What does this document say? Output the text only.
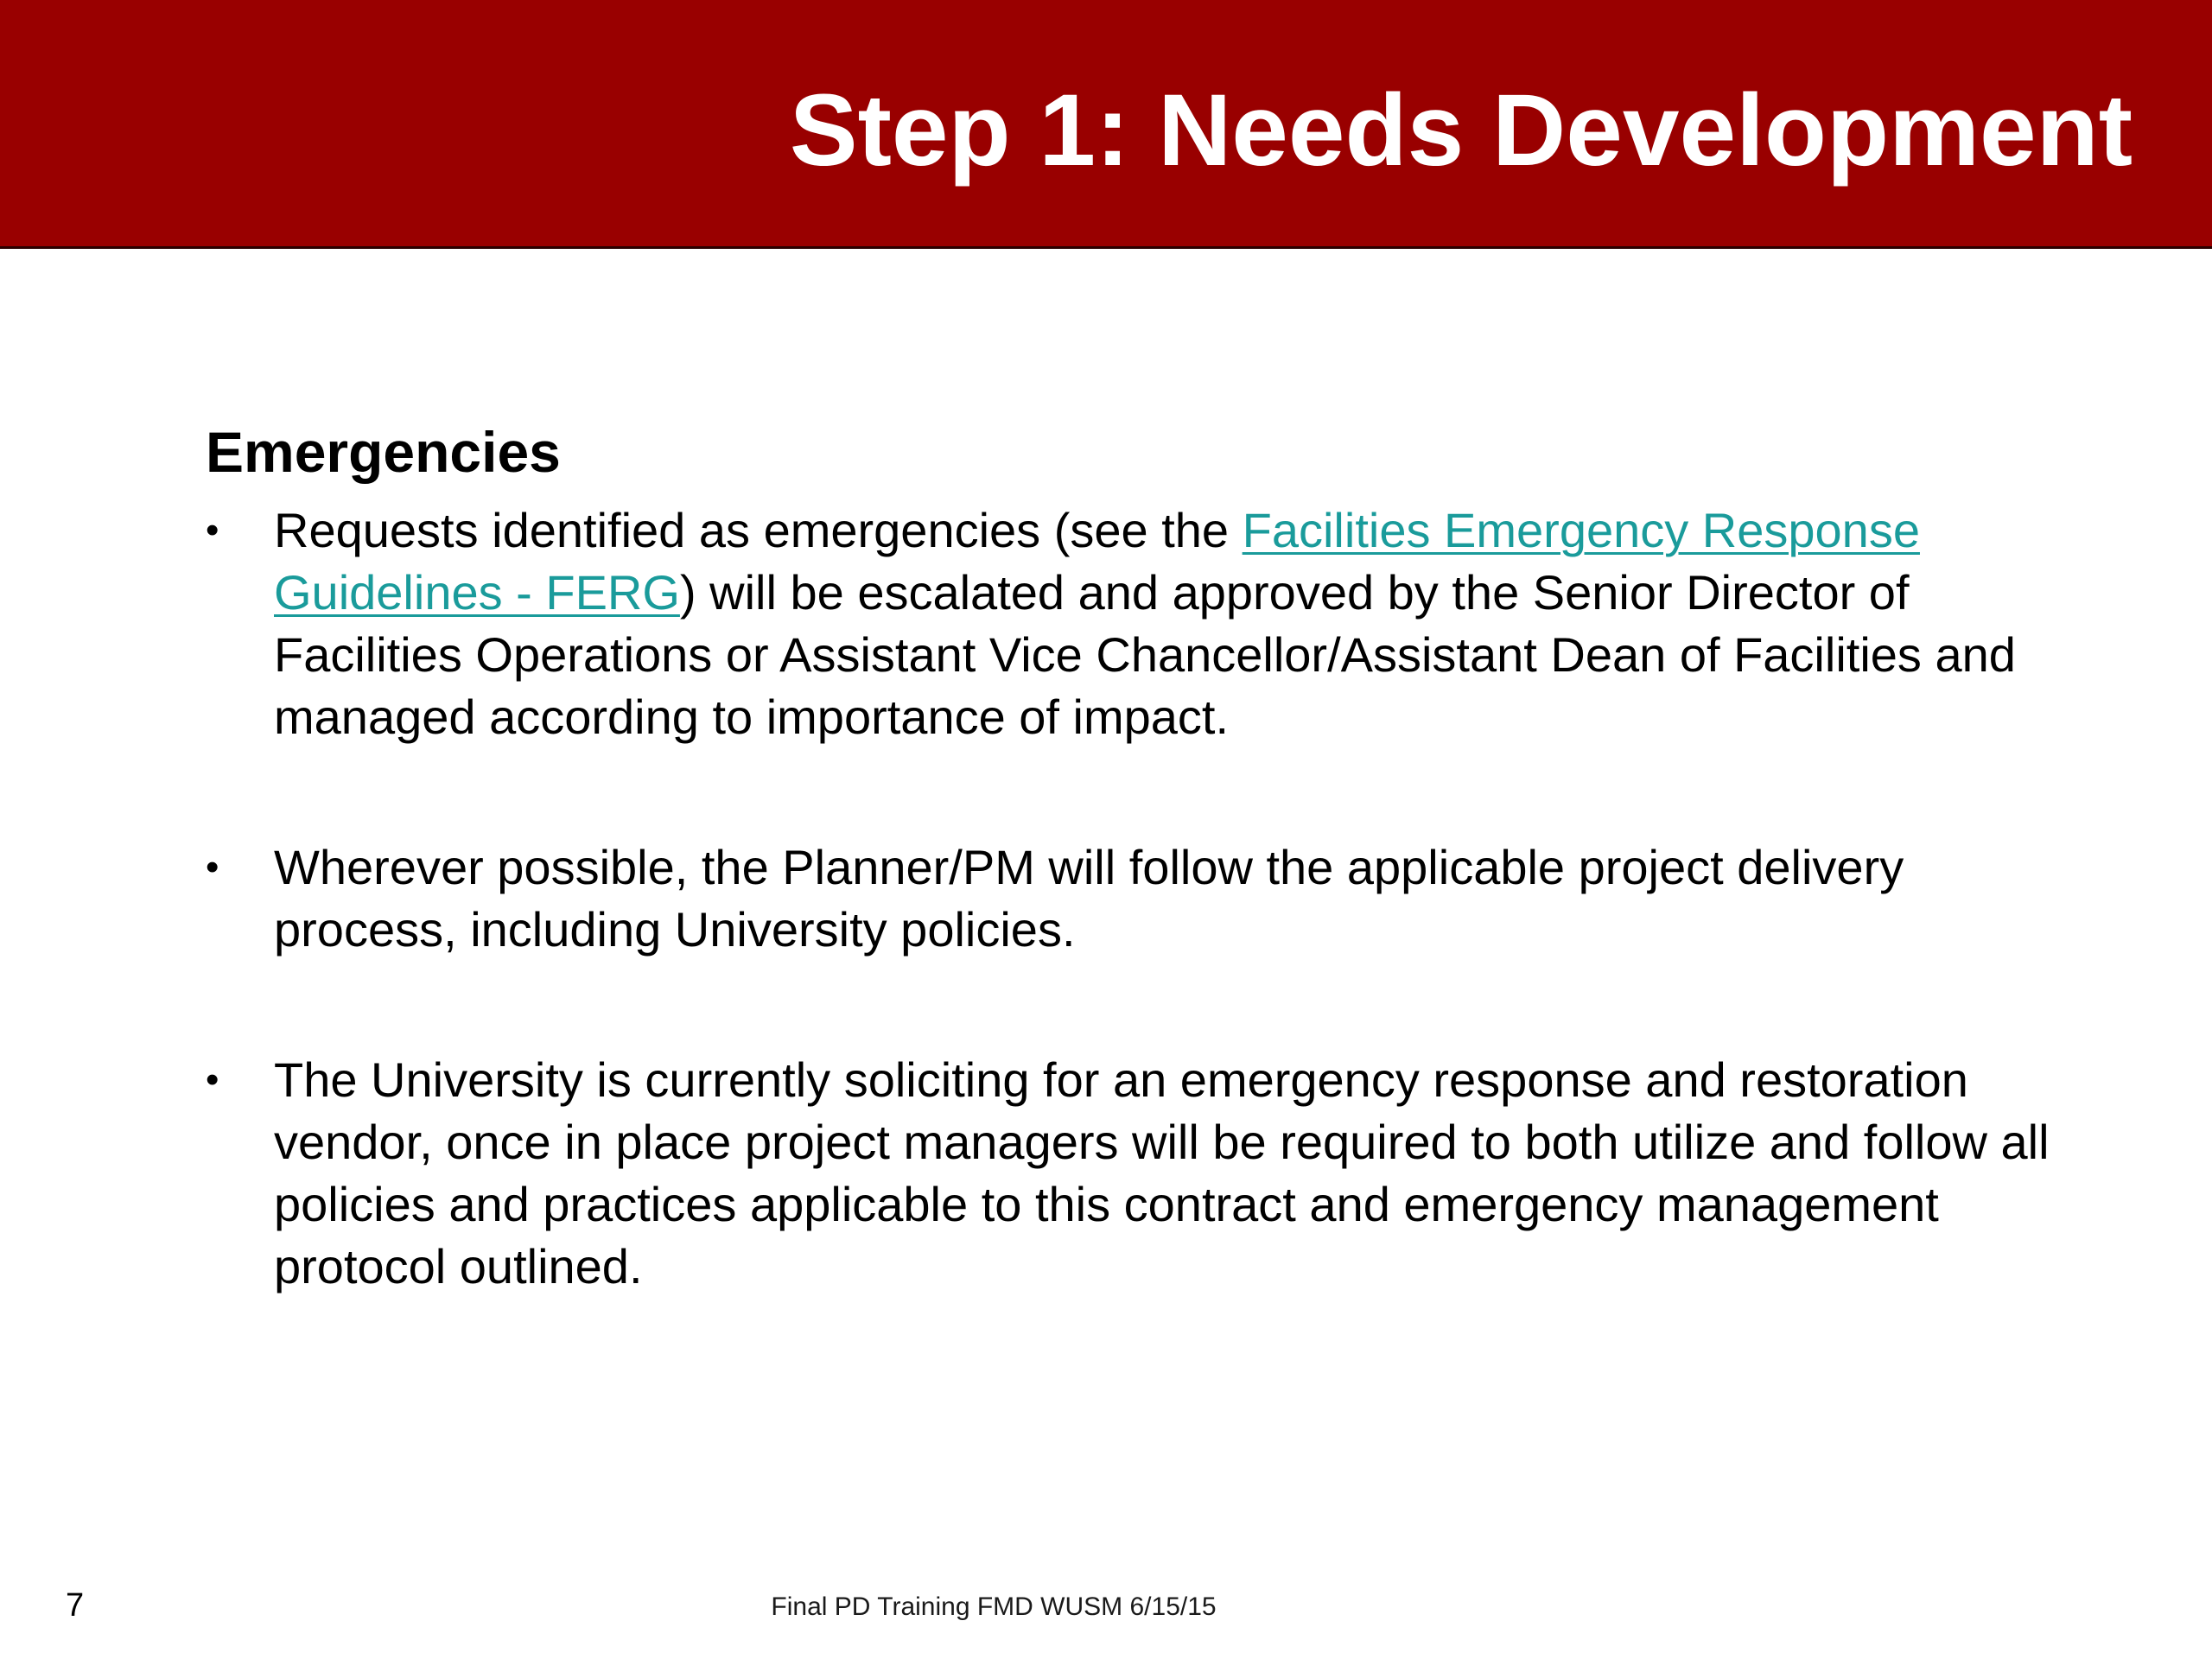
Step 1: Needs Development
Emergencies
• Requests identified as emergencies (see the Facilities Emergency Response Guidelines - FERG) will be escalated and approved by the Senior Director of Facilities Operations or Assistant Vice Chancellor/Assistant Dean of Facilities and managed according to importance of impact.
• Wherever possible, the Planner/PM will follow the applicable project delivery process, including University policies.
• The University is currently soliciting for an emergency response and restoration vendor, once in place project managers will be required to both utilize and follow all policies and practices applicable to this contract and emergency management protocol outlined.
7	Final PD Training FMD WUSM 6/15/15
